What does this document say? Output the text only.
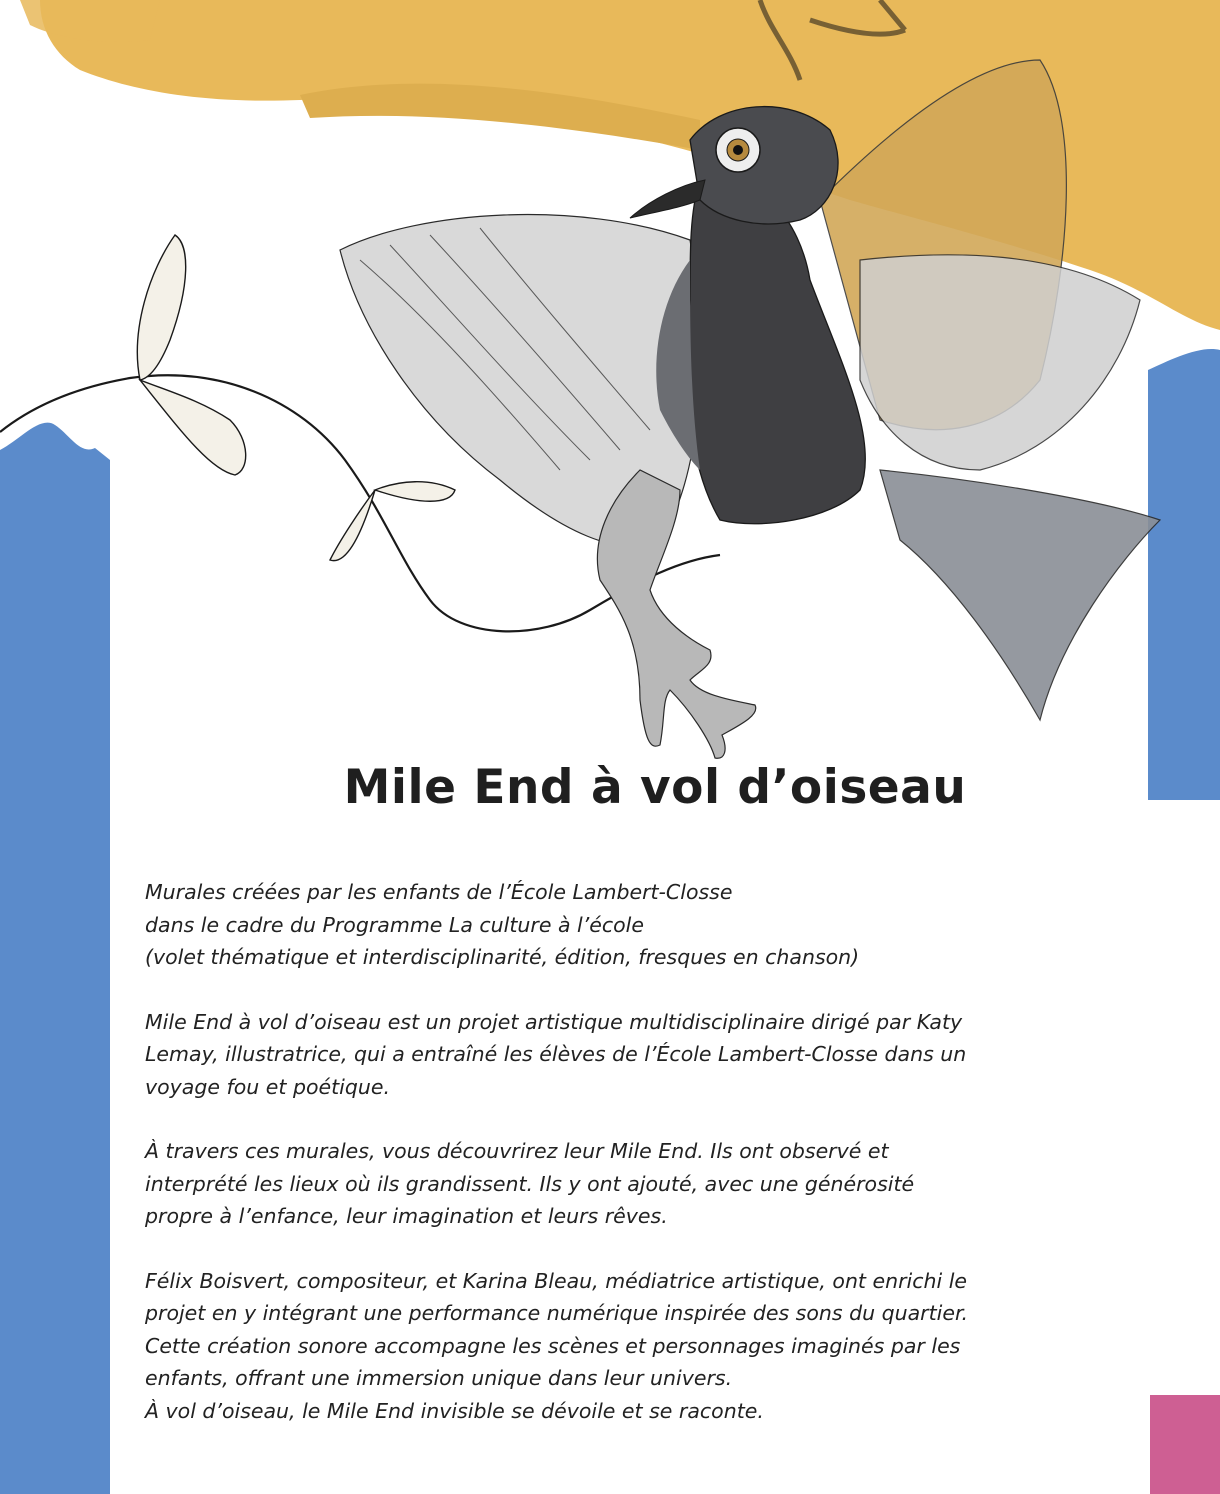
Mile End à vol d’oiseau

Murales créées par les enfants de l’École Lambert-Closse
dans le cadre du Programme La culture à l’école
(volet thématique et interdisciplinarité, édition, fresques en chanson)

Mile End à vol d’oiseau est un projet artistique multidisciplinaire dirigé par Katy
Lemay, illustratrice, qui a entraîné les élèves de l’École Lambert-Closse dans un
voyage fou et poétique.

À travers ces murales, vous découvrirez leur Mile End. Ils ont observé et
interprété les lieux où ils grandissent. Ils y ont ajouté, avec une générosité
propre à l’enfance, leur imagination et leurs rêves.

Félix Boisvert, compositeur, et Karina Bleau, médiatrice artistique, ont enrichi le
projet en y intégrant une performance numérique inspirée des sons du quartier.
Cette création sonore accompagne les scènes et personnages imaginés par les
enfants, offrant une immersion unique dans leur univers.
À vol d’oiseau, le Mile End invisible se dévoile et se raconte.
